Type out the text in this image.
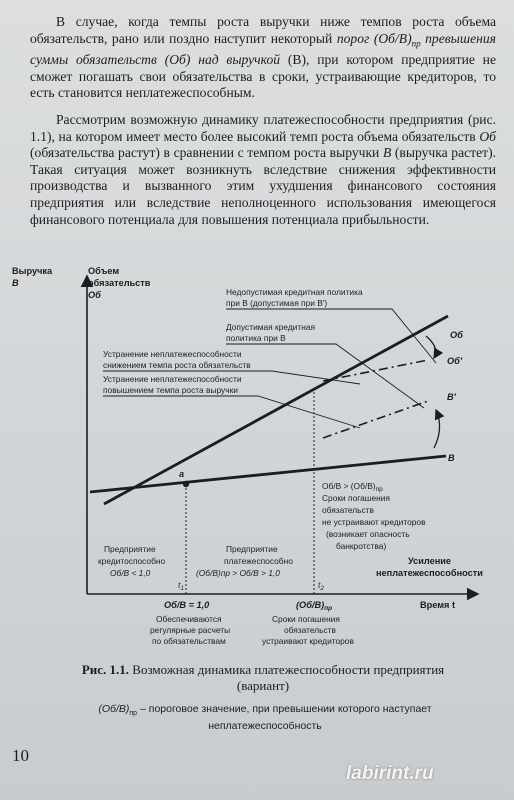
В случае, когда темпы роста выручки ниже темпов роста объема обязательств, рано или поздно наступит некоторый порог $(Об/В)_{пр}$ превышения суммы обязательств (Об) над выручкой (В), при котором предприятие не сможет погашать свои обязательства в сроки, устраивающие кредиторов, то есть становится неплатежеспособным.

Рассмотрим возможную динамику платежеспособности предприятия (рис. 1.1), на котором имеет место более высокий темп роста объема обязательств Об (обязательства растут) в сравнении с темпом роста выручки В (выручка растет). Такая ситуация может возникнуть вследствие снижения эффективности производства и вызванного этим ухудшения финансового состояния предприятия или вследствие неполноценного использования имеющегося финансового потенциала для повышения потенциала прибыльности.

Выручка
В
Объем
обязательств
Об
Об
Об′
В′
В
а
Недопустимая кредитная политика
при В (допустимая при В′)
Допустимая кредитная
политика при В
Устранение неплатежеспособности
снижением темпа роста обязательств
Устранение неплатежеспособности
повышением темпа роста выручки
$Об/В > (Об/В)_{пр}$
Сроки погашения
обязательств
не устраивают кредиторов
(возникает опасность
банкротства)
Предприятие
кредитоспособно
Об/В < 1,0
Предприятие
платежеспособно
(Об/В)пр > Об/В > 1,0
Усиление
неплатежеспособности
$t_1$	$t_2$
Время t
Об/В = 1,0
Обеспечиваются
регулярные расчеты
по обязательствам
$(Об/В)_{пр}$
Сроки погашения
обязательств
устраивают кредиторов
Рис. 1.1. Возможная динамика платежеспособности предприятия
(вариант)
$(Об/В)_{пр}$ – пороговое значение, при превышении которого наступает неплатежеспособность
10
labirint.ru
